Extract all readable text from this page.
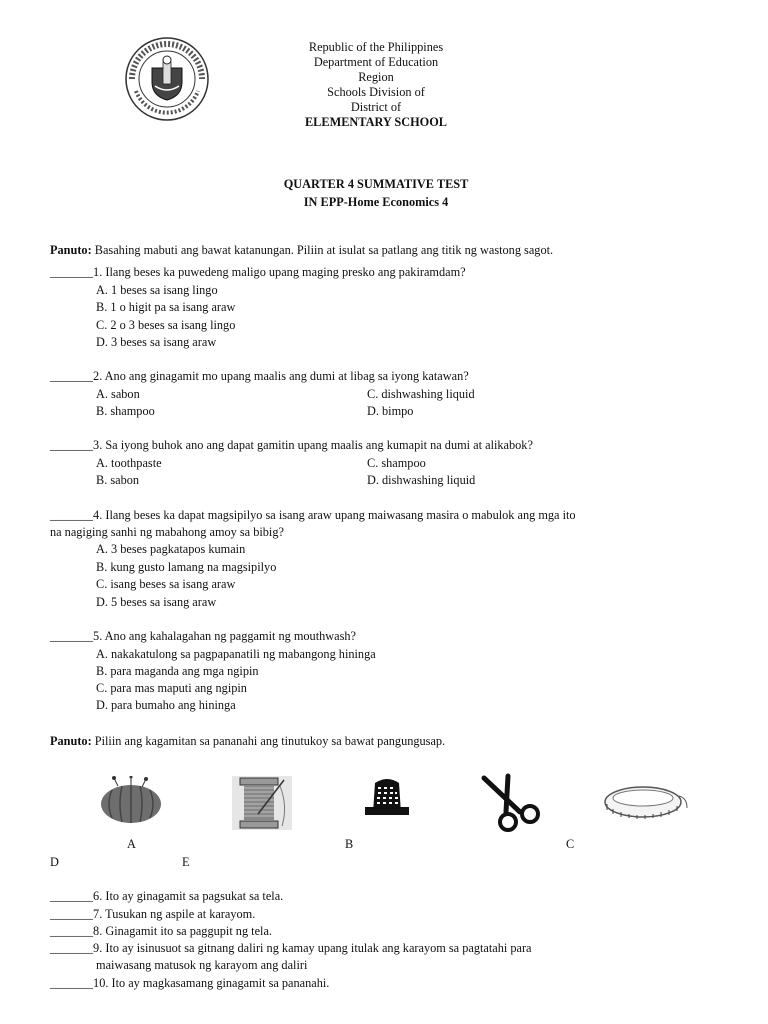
Republic of the Philippines
Department of Education
Region
Schools Division of
District of
ELEMENTARY SCHOOL
QUARTER 4 SUMMATIVE TEST
IN EPP-Home Economics 4
Panuto: Basahing mabuti ang bawat katanungan. Piliin at isulat sa patlang ang titik ng wastong sagot.
_______1. Ilang beses ka puwedeng maligo upang maging presko ang pakiramdam?
A. 1 beses sa isang lingo
B. 1 o higit pa sa isang araw
C. 2 o 3 beses sa isang lingo
D. 3 beses sa isang araw
_______2. Ano ang ginagamit mo upang maalis ang dumi at libag sa iyong katawan?
A. sabon	C. dishwashing liquid
B. shampoo	D. bimpo
_______3. Sa iyong buhok ano ang dapat gamitin upang maalis ang kumapit na dumi at alikabok?
A. toothpaste	C. shampoo
B. sabon	D. dishwashing liquid
_______4. Ilang beses ka dapat magsipilyo sa isang araw upang maiwasang masira o mabulok ang mga ito
na nagiging sanhi ng mabahong amoy sa bibig?
A. 3 beses pagkatapos kumain
B. kung gusto lamang na magsipilyo
C. isang beses sa isang araw
D. 5 beses sa isang araw
_______5. Ano ang kahalagahan ng paggamit ng mouthwash?
A. nakakatulong sa pagpapanatili ng mabangong hininga
B. para maganda ang mga ngipin
C. para mas maputi ang ngipin
D. para bumaho ang hininga
Panuto: Piliin ang kagamitan sa pananahi ang tinutukoy sa bawat pangungusap.
A	B	C
D	E
_______6. Ito ay ginagamit sa pagsukat sa tela.
_______7. Tusukan ng aspile at karayom.
_______8. Ginagamit ito sa paggupit ng tela.
_______9. Ito ay isinusuot sa gitnang daliri ng kamay upang itulak ang karayom sa pagtatahi para
maiwasang matusok ng karayom ang daliri
_______10. Ito ay magkasamang ginagamit sa pananahi.
